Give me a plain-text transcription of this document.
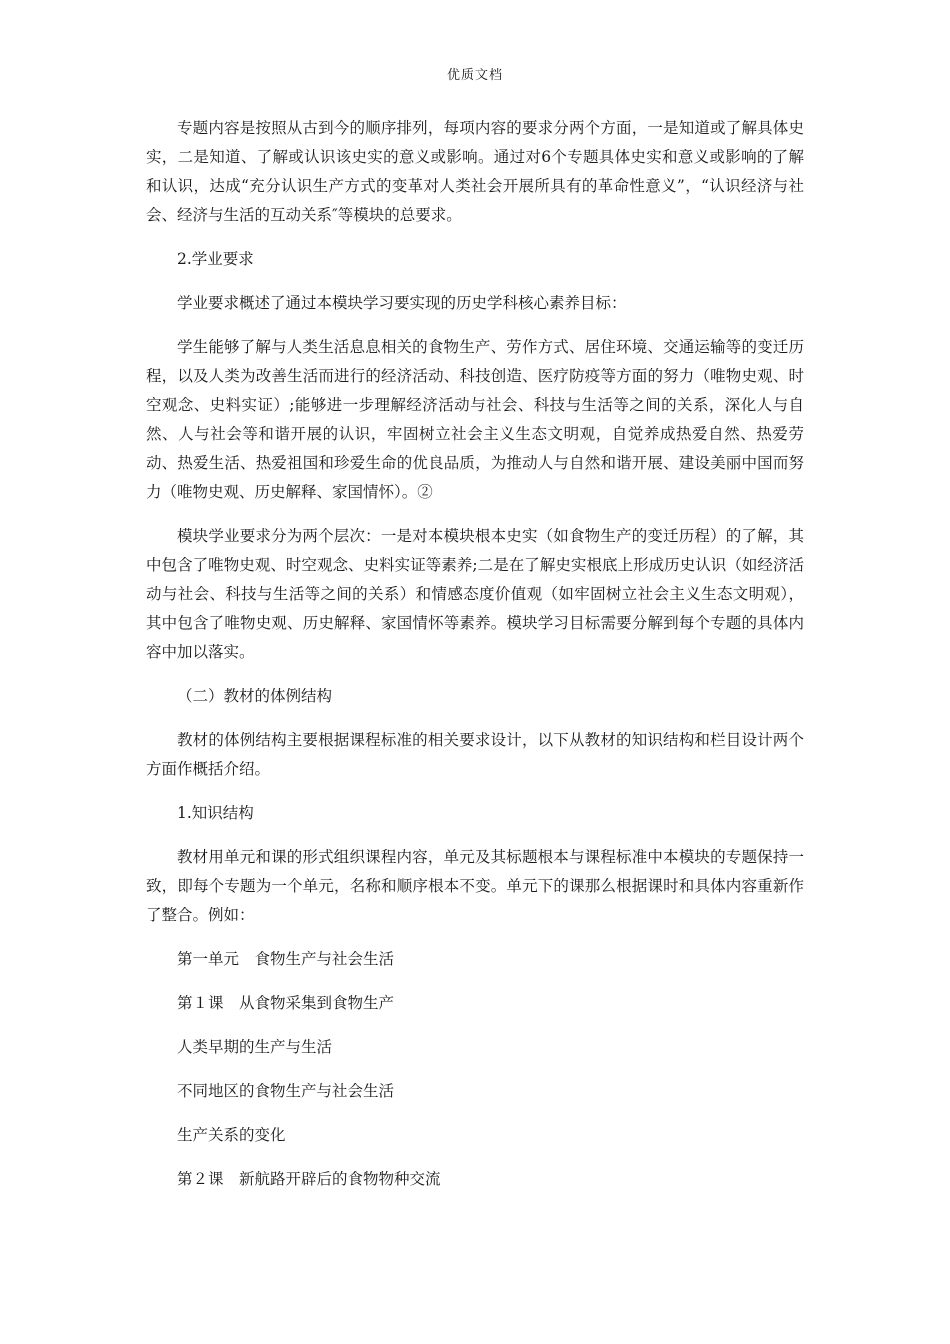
优质文档

专题内容是按照从古到今的顺序排列，每项内容的要求分两个方面，一是知道或了解具体史实，二是知道、了解或认识该史实的意义或影响。通过对6个专题具体史实和意义或影响的了解和认识，达成“充分认识生产方式的变革对人类社会开展所具有的革命性意义”，“认识经济与社会、经济与生活的互动关系″等模块的总要求。

2.学业要求

学业要求概述了通过本模块学习要实现的历史学科核心素养目标：

学生能够了解与人类生活息息相关的食物生产、劳作方式、居住环境、交通运输等的变迁历程，以及人类为改善生活而进行的经济活动、科技创造、医疗防疫等方面的努力（唯物史观、时空观念、史料实证）;能够进一步理解经济活动与社会、科技与生活等之间的关系，深化人与自然、人与社会等和谐开展的认识，牢固树立社会主义生态文明观，自觉养成热爱自然、热爱劳动、热爱生活、热爱祖国和珍爱生命的优良品质，为推动人与自然和谐开展、建设美丽中国而努力（唯物史观、历史解释、家国情怀）。②

模块学业要求分为两个层次：一是对本模块根本史实（如食物生产的变迁历程）的了解，其中包含了唯物史观、时空观念、史料实证等素养;二是在了解史实根底上形成历史认识（如经济活动与社会、科技与生活等之间的关系）和情感态度价值观（如牢固树立社会主义生态文明观），其中包含了唯物史观、历史解释、家国情怀等素养。模块学习目标需要分解到每个专题的具体内容中加以落实。

（二）教材的体例结构

教材的体例结构主要根据课程标准的相关要求设计，以下从教材的知识结构和栏目设计两个方面作概括介绍。

1.知识结构

教材用单元和课的形式组织课程内容，单元及其标题根本与课程标准中本模块的专题保持一致，即每个专题为一个单元，名称和顺序根本不变。单元下的课那么根据课时和具体内容重新作了整合。例如：

第一单元　食物生产与社会生活

第１课　从食物采集到食物生产

人类早期的生产与生活

不同地区的食物生产与社会生活

生产关系的变化

第２课　新航路开辟后的食物物种交流
